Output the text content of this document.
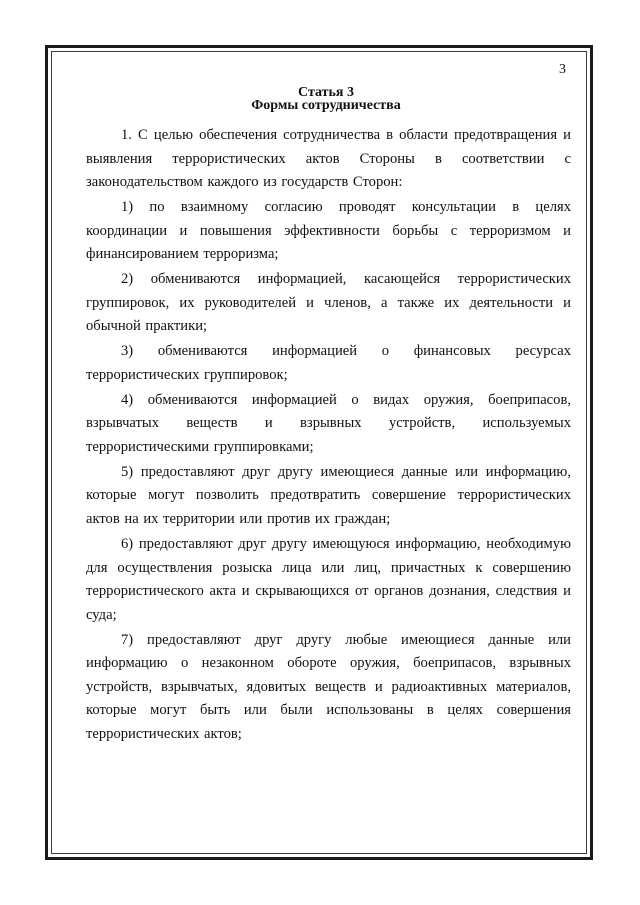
3
Статья 3
Формы сотрудничества

1. С целью обеспечения сотрудничества в области предотвращения и выявления террористических актов Стороны в соответствии с законодательством каждого из государств Сторон:

1) по взаимному согласию проводят консультации в целях координации и повышения эффективности борьбы с терроризмом и финансированием терроризма;

2) обмениваются информацией, касающейся террористических группировок, их руководителей и членов, а также их деятельности и обычной практики;

3) обмениваются информацией о финансовых ресурсах террористических группировок;

4) обмениваются информацией о видах оружия, боеприпасов, взрывчатых веществ и взрывных устройств, используемых террористическими группировками;

5) предоставляют друг другу имеющиеся данные или информацию, которые могут позволить предотвратить совершение террористических актов на их территории или против их граждан;

6) предоставляют друг другу имеющуюся информацию, необходимую для осуществления розыска лица или лиц, причастных к совершению террористического акта и скрывающихся от органов дознания, следствия и суда;

7) предоставляют друг другу любые имеющиеся данные или информацию о незаконном обороте оружия, боеприпасов, взрывных устройств, взрывчатых, ядовитых веществ и радиоактивных материалов, которые могут быть или были использованы в целях совершения террористических актов;
